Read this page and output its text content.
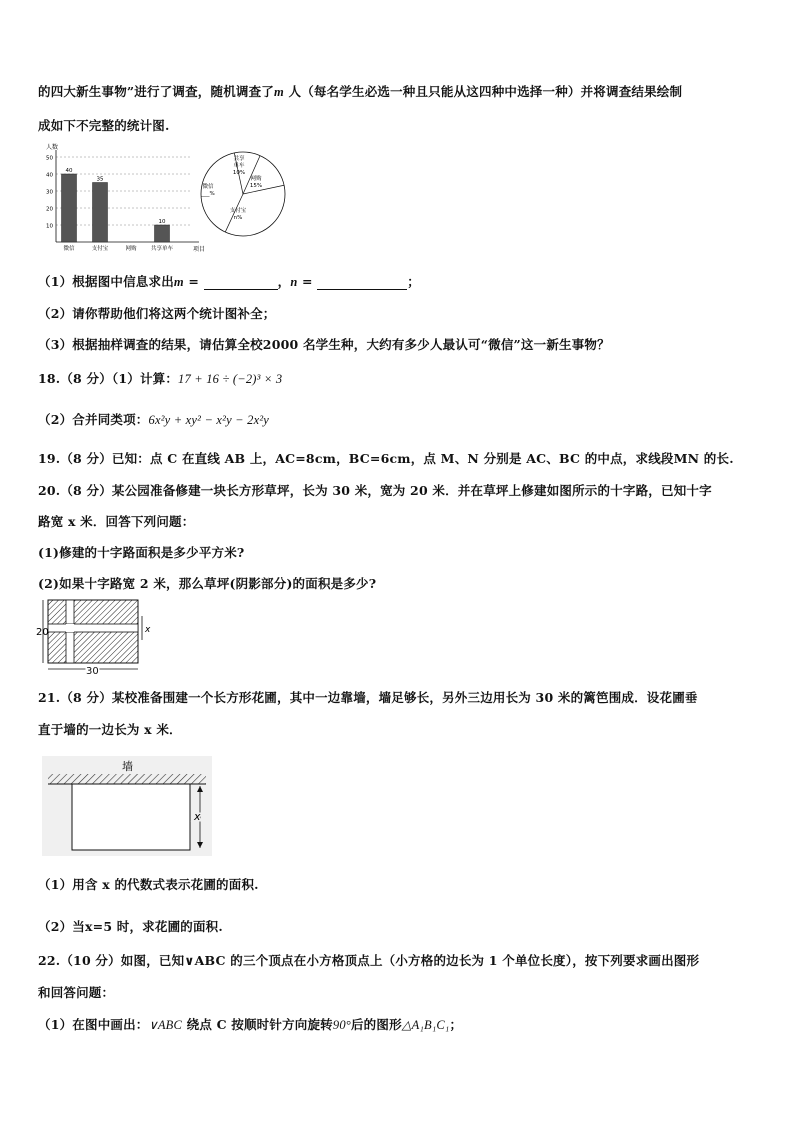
的四大新生事物”进行了调查，随机调查了m 人（每名学生必选一种且只能从这四种中选择一种）并将调查结果绘制
成如下不完整的统计图.
10
20
30
40
50
人数
项目
40
微信
35
支付宝	网购
10
共享单车
共享
单车
10%
网购
15%
支付宝
n%
微信
___%
（1）根据图中信息求出m =	，n =	；
（2）请你帮助他们将这两个统计图补全；
（3）根据抽样调查的结果，请估算全校2000 名学生种，大约有多少人最认可“微信”这一新生事物？
18.（8 分）（1）计算：17 + 16 ÷ (−2)³ × 3
（2）合并同类项：6x²y + xy² − x²y − 2x²y
19.（8 分）已知：点 C 在直线 AB 上，AC=8cm，BC=6cm，点 M、N 分别是 AC、BC 的中点，求线段MN 的长.
20.（8 分）某公园准备修建一块长方形草坪，长为 30 米，宽为 20 米．并在草坪上修建如图所示的十字路，已知十字
路宽 x 米．回答下列问题：
(1)修建的十字路面积是多少平方米?
(2)如果十字路宽 2 米，那么草坪(阴影部分)的面积是多少?
20
30
x
21.（8 分）某校准备围建一个长方形花圃，其中一边靠墙，墙足够长，另外三边用长为 30 米的篱笆围成．设花圃垂
直于墙的一边长为 x 米．
墙
x
（1）用含 x 的代数式表示花圃的面积.
（2）当x=5 时，求花圃的面积.
22.（10 分）如图，已知∨ABC 的三个顶点在小方格顶点上（小方格的边长为 1 个单位长度），按下列要求画出图形
和回答问题：
（1）在图中画出：∨ABC 绕点 C 按顺时针方向旋转90°后的图形△A₁B₁C₁；
